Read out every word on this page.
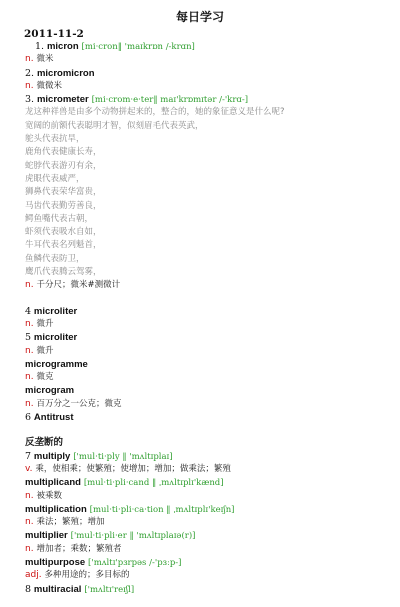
每日学习
2011-11-2
1. micron [mi·cron‖ 'maɪkrɒn /-krɑn]
n. 微米
2. micromicron
n. 微微米
3. micrometer [mi·crom·e·ter‖ maɪ'krɒmɪtər /-'krɑ-]
龙这种祥兽是由多个动物拼起来的，整合的，她的象征意义是什么呢?
宽阔的前额代表聪明才智，似刻眉毛代表英武，
鸵头代表抗旱，
鹿角代表健康长寿，
蛇脖代表游刃有余，
虎眼代表威严，
狮鼻代表荣华富贵，
马齿代表勤劳善良，
鳄鱼嘴代表古朝，
虾须代表吸水自如，
牛耳代表名列魁首，
鱼鳞代表防卫，
鹰爪代表腾云驾雾，
n. 千分尺；微米#测微计
4 microliter
n. 微升
5 microliter
n. 微升
microgramme
n. 微克
microgram
n. 百万分之一公克；微克
6 Antitrust
反垄断的
7 multiply ['mul·ti·ply ‖ 'mʌltɪplaɪ]
v. 乘，使相乘；使繁殖；使增加；增加；做乘法；繁殖
multiplicand [mul·ti·pli·cand ‖ ˌmʌltɪplɪ'kænd]
n. 被乘数
multiplication [mul·ti·pli·ca·tion ‖ ˌmʌltɪplɪ'keɪʃn]
n. 乘法；繁殖；增加
multiplier ['mul·ti·pli·er ‖ 'mʌltɪplaɪə(r)]
n. 增加者；乘数；繁殖者
multipurpose ['mʌltɪ'pɜrpəs /-'pɜːp-]
adj. 多种用途的；多目标的
8 multiracial ['mʌltɪ'reɪʃl]
